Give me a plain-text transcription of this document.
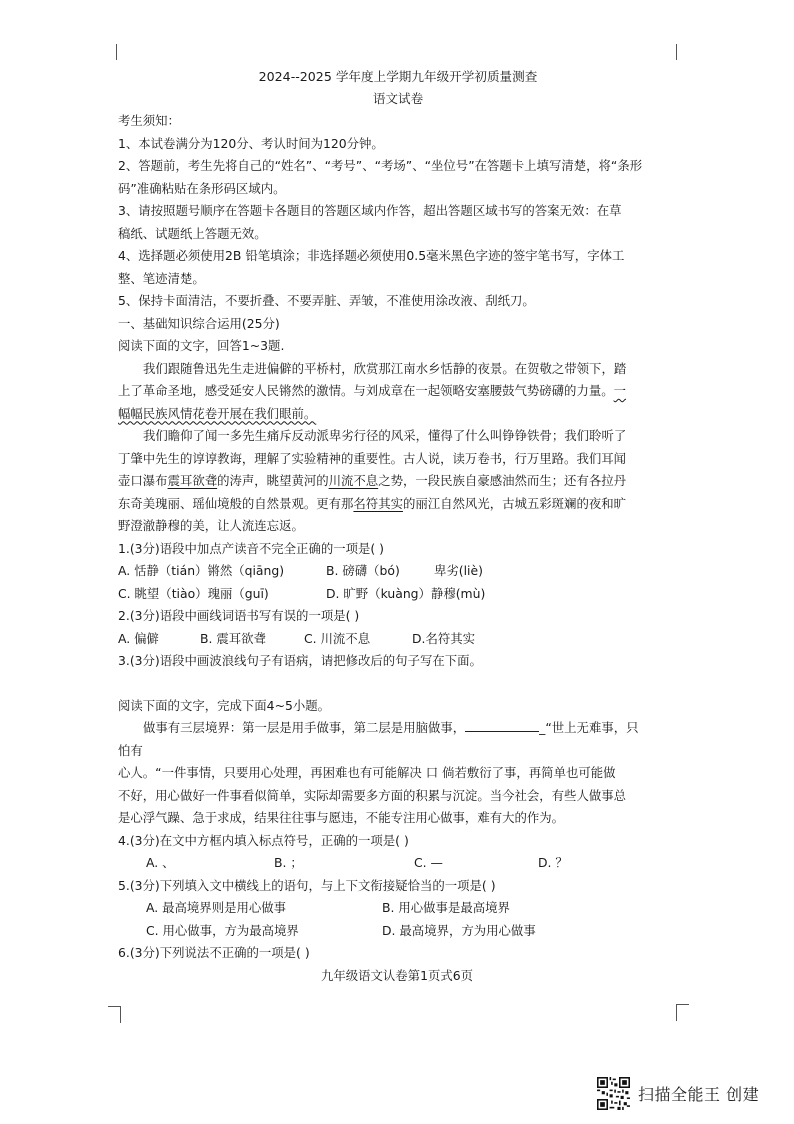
2024--2025 学年度上学期九年级开学初质量测查
语文试卷
考生须知：
1、本试卷满分为120分、考认时间为120分钟。
2、答题前，考生先将自己的“姓名”、“考号”、“考场”、“坐位号”在答题卡上填写清楚，将“条形
码”准确粘贴在条形码区域内。
3、请按照题号顺序在答题卡各题目的答题区域内作答，超出答题区域书写的答案无效：在草
稿纸、试题纸上答题无效。
4、选择题必须使用2B 铅笔填涂；非选择题必须使用0.5毫米黑色字迹的签宇笔书写，字体工
整、笔迹清楚。
5、保持卡面清洁，不要折叠、不要弄脏、弄皱，不准使用涂改液、刮纸刀。
一、基础知识综合运用(25分)
阅读下面的文字，回答1~3题.
我们跟随鲁迅先生走进偏僻的平桥村，欣赏那江南水乡恬静的夜景。在贺敬之带领下，踏
上了革命圣地，感受延安人民锵然的激情。与刘成章在一起领略安塞腰鼓气势磅礴的力量。一
幅幅民族风情花卷开展在我们眼前。
我们瞻仰了闻一多先生痛斥反动派卑劣行径的风采，懂得了什么叫铮铮铁骨；我们聆听了
丁肇中先生的谆谆教诲，理解了实验精神的重要性。古人说，读万卷书，行万里路。我们耳闻
壶口瀑布震耳欲聋的涛声，眺望黄河的川流不息之势，一段民族自豪感油然而生；还有各拉丹
东奇美瑰丽、瑶仙境般的自然景观。更有那名符其实的丽江自然风光，古城五彩斑斓的夜和旷
野澄澈静穆的美，让人流连忘返。
1.(3分)语段中加点产读音不完全正确的一项是( )
A. 恬静（tián）锵然（qiāng)	B. 磅礴（bó)	卑劣(liè)
C. 眺望（tiào）瑰丽（guī)	D. 旷野（kuàng）静穆(mù)
2.(3分)语段中画线词语书写有误的一项是( )
A. 偏僻	B. 震耳欲聋	C. 川流不息	D.名符其实
3.(3分)语段中画波浪线句子有语病，请把修改后的句子写在下面。
阅读下面的文字，完成下面4~5小题。
做事有三层境界：第一层是用手做事，第二层是用脑做事，	_“世上无难事，只
怕有
心人。“一件事情，只要用心处理，再困难也有可能解决 口 倘若敷衍了事，再简单也可能做
不好，用心做好一件事看似简单，实际却需要多方面的积累与沉淀。当今社会，有些人做事总
是心浮气躁、急于求成，结果往往事与愿违，不能专注用心做事，难有大的作为。
4.(3分)在文中方框内填入标点符号，正确的一项是( )
A. 、	B. ；	C. —	D. ？
5.(3分)下列填入文中横线上的语句，与上下文衔接疑恰当的一项是( )
A. 最高境界则是用心做事	B. 用心做事是最高境界
C. 用心做事，方为最高境界	D. 最高境界，方为用心做事
6.(3分)下列说法不正确的一项是( )
九年级语文认卷第1页式6页
扫描全能王 创建
